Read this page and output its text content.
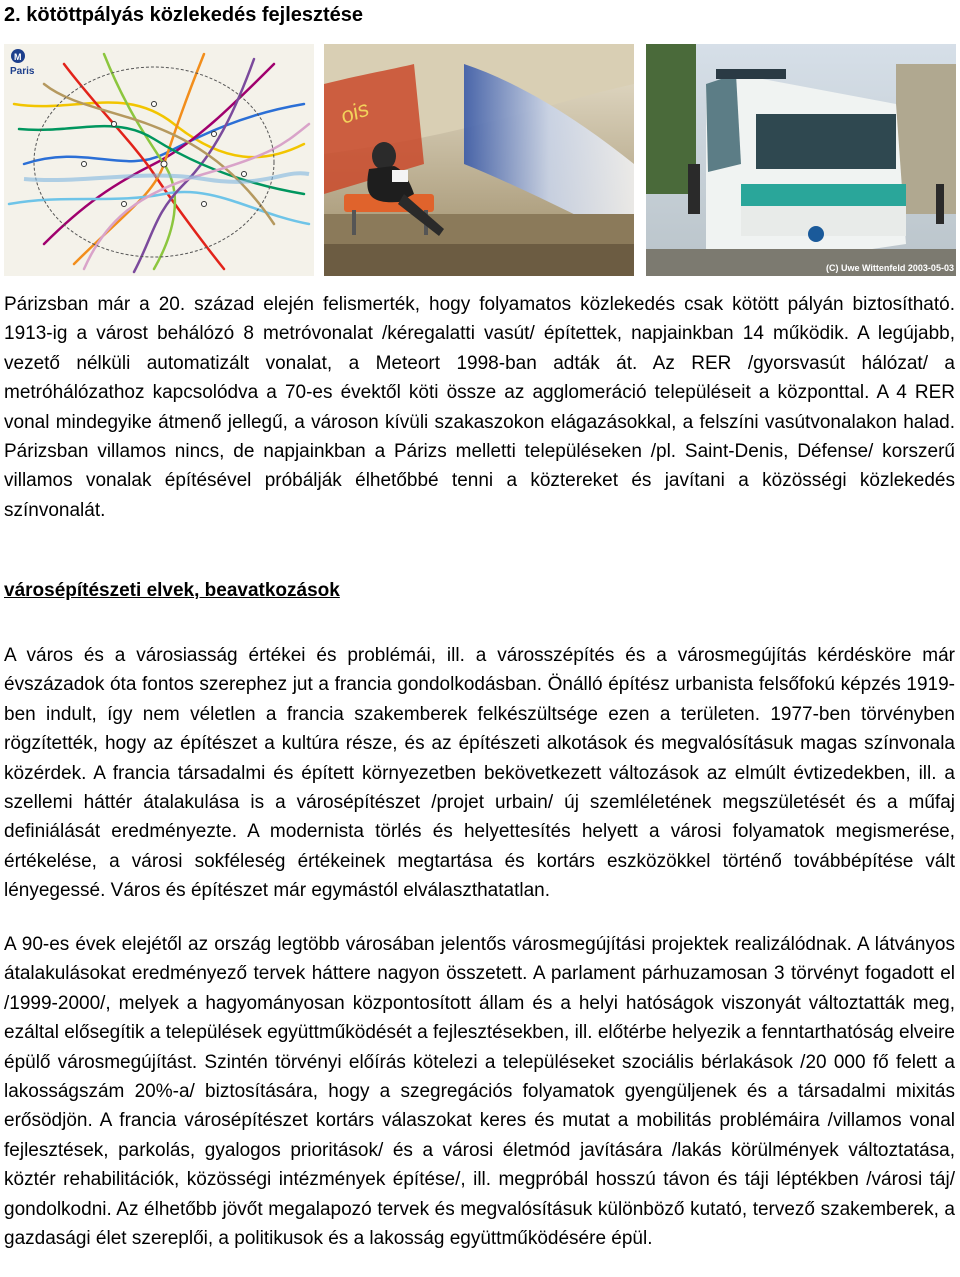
2. kötöttpályás közlekedés fejlesztése
M
Paris
ois
(C) Uwe Wittenfeld 2003-05-03

Párizsban már a 20. század elején felismerték, hogy folyamatos közlekedés csak kötött pályán biztosítható. 1913-ig a várost behálózó 8 metróvonalat /kéregalatti vasút/ építettek, napjainkban 14 működik. A legújabb, vezető nélküli automatizált vonalat, a Meteort 1998-ban adták át. Az RER /gyorsvasút hálózat/ a metróhálózathoz kapcsolódva a 70-es évektől köti össze az agglomeráció településeit a központtal. A 4 RER vonal mindegyike átmenő jellegű, a városon kívüli szakaszokon elágazásokkal, a felszíni vasútvonalakon halad. Párizsban villamos nincs, de napjainkban a Párizs melletti településeken /pl. Saint-Denis, Défense/ korszerű villamos vonalak építésével próbálják élhetőbbé tenni a köztereket és javítani a közösségi közlekedés színvonalát.

városépítészeti elvek, beavatkozások

A város és a városiasság értékei és problémái, ill. a városszépítés és a városmegújítás kérdésköre már évszázadok óta fontos szerephez jut a francia gondolkodásban. Önálló építész urbanista felsőfokú képzés 1919-ben indult, így nem véletlen a francia szakemberek felkészültsége ezen a területen. 1977-ben törvényben rögzítették, hogy az építészet a kultúra része, és az építészeti alkotások és megvalósításuk magas színvonala közérdek. A francia társadalmi és épített környezetben bekövetkezett változások az elmúlt évtizedekben, ill. a szellemi háttér átalakulása is a városépítészet /projet urbain/ új szemléletének megszületését és a műfaj definiálását eredményezte. A modernista törlés és helyettesítés helyett a városi folyamatok megismerése, értékelése, a városi sokféleség értékeinek megtartása és kortárs eszközökkel történő továbbépítése vált lényegessé. Város és építészet már egymástól elválaszthatatlan.

A 90-es évek elejétől az ország legtöbb városában jelentős városmegújítási projektek realizálódnak. A látványos átalakulásokat eredményező tervek háttere nagyon összetett. A parlament párhuzamosan 3 törvényt fogadott el /1999-2000/, melyek a hagyományosan központosított állam és a helyi hatóságok viszonyát változtatták meg, ezáltal elősegítik a települések együttműködését a fejlesztésekben, ill. előtérbe helyezik a fenntarthatóság elveire épülő városmegújítást. Szintén törvényi előírás kötelezi a településeket szociális bérlakások /20 000 fő felett a lakosságszám 20%-a/ biztosítására, hogy a szegregációs folyamatok gyengüljenek és a társadalmi mixitás erősödjön. A francia városépítészet kortárs válaszokat keres és mutat a mobilitás problémáira /villamos vonal fejlesztések, parkolás, gyalogos prioritások/ és a városi életmód javítására /lakás körülmények változtatása, köztér rehabilitációk, közösségi intézmények építése/, ill. megpróbál hosszú távon és táji léptékben /városi táj/ gondolkodni. Az élhetőbb jövőt megalapozó tervek és megvalósításuk különböző kutató, tervező szakemberek, a gazdasági élet szereplői, a politikusok és a lakosság együttműködésére épül.
